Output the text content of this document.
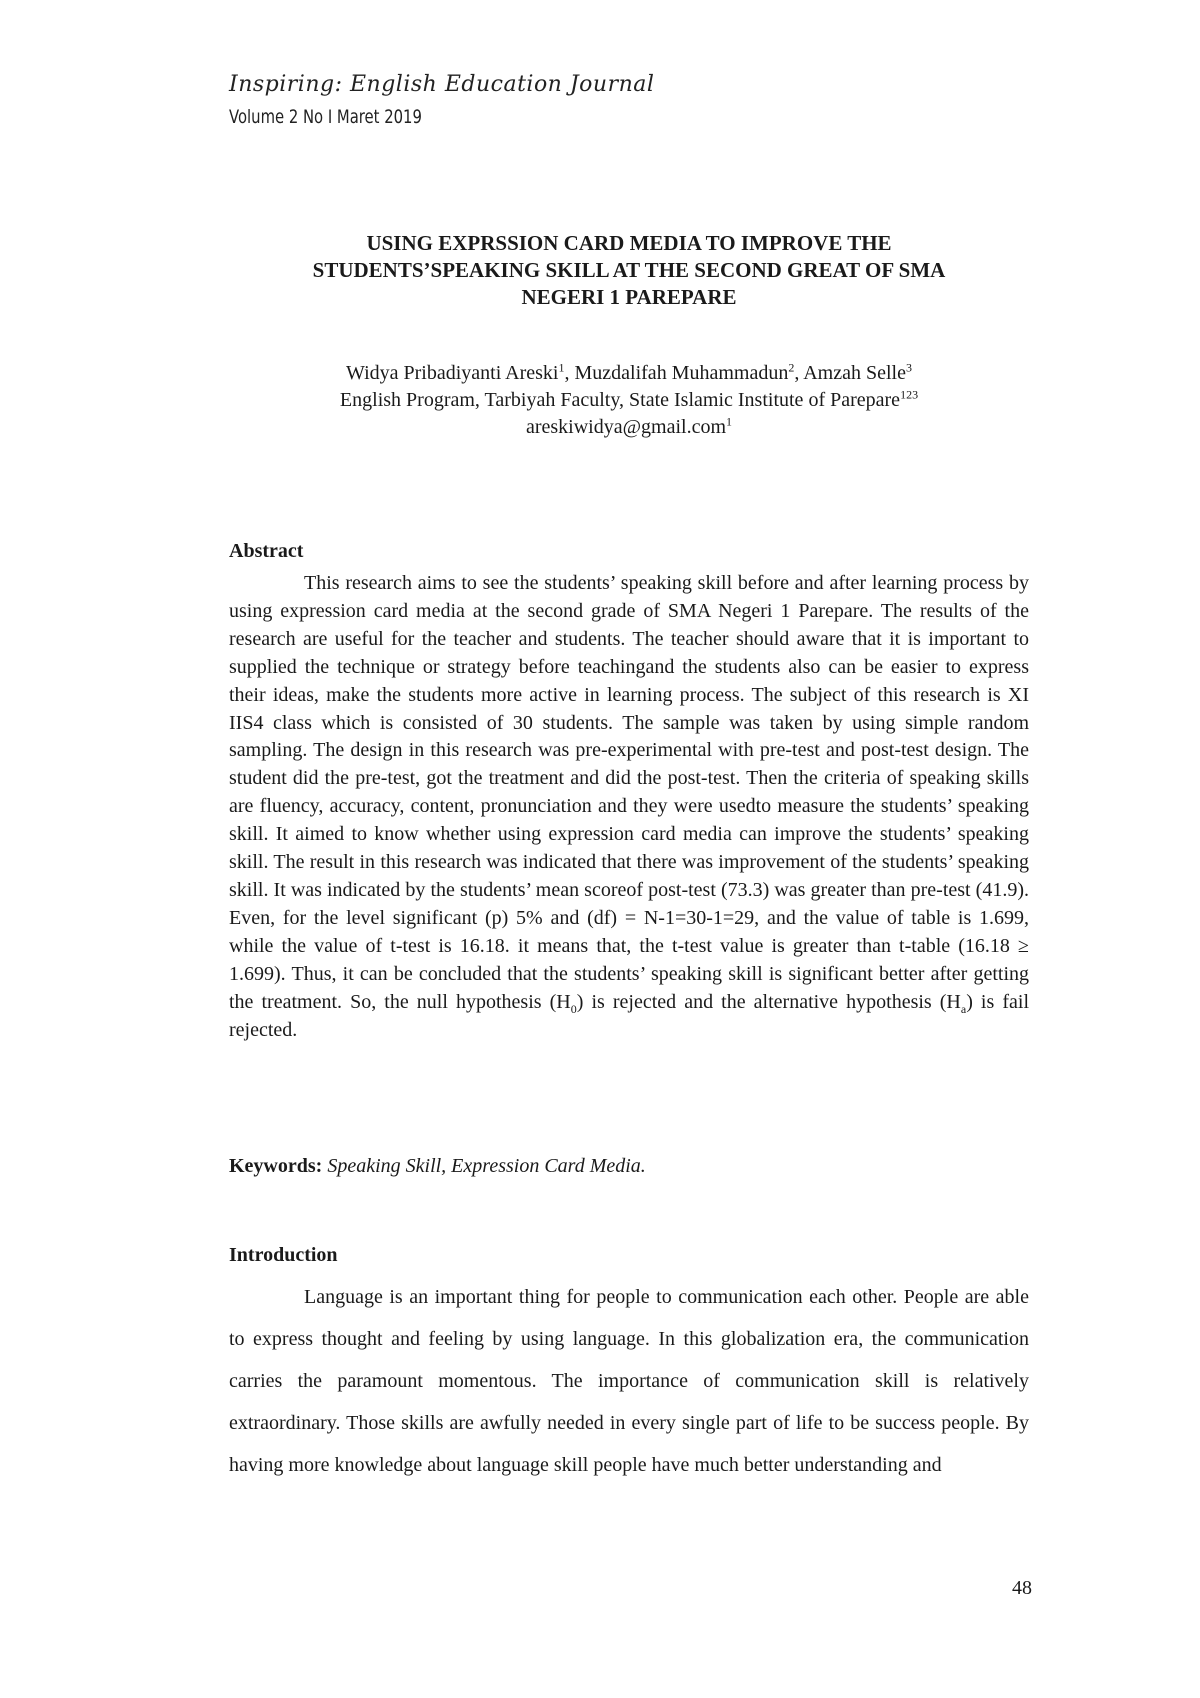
Inspiring: English Education Journal
Volume 2 No I Maret 2019
USING EXPRSSION CARD MEDIA TO IMPROVE THE
STUDENTS’SPEAKING SKILL AT THE SECOND GREAT OF SMA
NEGERI 1 PAREPARE
Widya Pribadiyanti Areski$^1$, Muzdalifah Muhammadun$^2$, Amzah Selle$^3$
English Program, Tarbiyah Faculty, State Islamic Institute of Parepare$^{123}$
areskiwidya@gmail.com$^1$
Abstract
This research aims to see the students’ speaking skill before and after learning process by using expression card media at the second grade of SMA Negeri 1 Parepare. The results of the research are useful for the teacher and students. The teacher should aware that it is important to supplied the technique or strategy before teachingand the students also can be easier to express their ideas, make the students more active in learning process. The subject of this research is XI IIS4 class which is consisted of 30 students. The sample was taken by using simple random sampling. The design in this research was pre-experimental with pre-test and post-test design. The student did the pre-test, got the treatment and did the post-test. Then the criteria of speaking skills are fluency, accuracy, content, pronunciation and they were usedto measure the students’ speaking skill. It aimed to know whether using expression card media can improve the students’ speaking skill. The result in this research was indicated that there was improvement of the students’ speaking skill. It was indicated by the students’ mean scoreof post-test (73.3) was greater than pre-test (41.9). Even, for the level significant (p) 5% and (df) = N-1=30-1=29, and the value of table is 1.699, while the value of t-test is 16.18. it means that, the t-test value is greater than t-table (16.18 ≥ 1.699). Thus, it can be concluded that the students’ speaking skill is significant better after getting the treatment. So, the null hypothesis $(H_0)$ is rejected and the alternative hypothesis $(H_a)$ is fail rejected.
Keywords: Speaking Skill, Expression Card Media.
Introduction
Language is an important thing for people to communication each other. People are able to express thought and feeling by using language. In this globalization era, the communication carries the paramount momentous. The importance of communication skill is relatively extraordinary. Those skills are awfully needed in every single part of life to be success people. By having more knowledge about language skill people have much better understanding and
48
